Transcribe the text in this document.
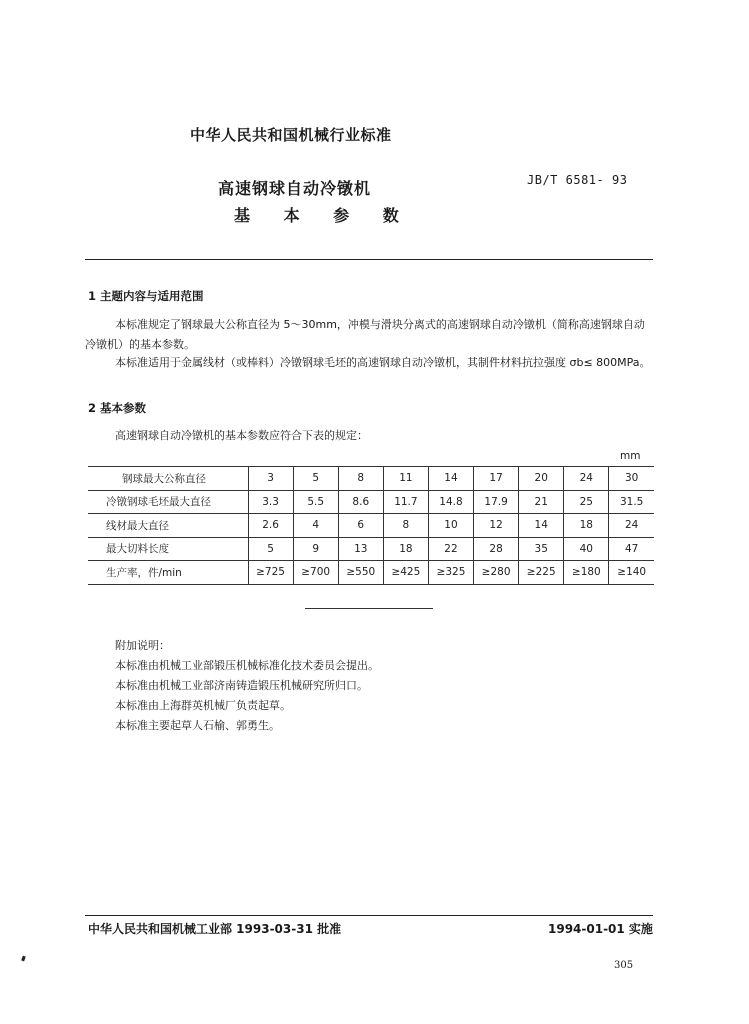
中华人民共和国机械行业标准
高速钢球自动冷镦机
基 本 参 数
JB/T 6581- 93
1 主题内容与适用范围
本标准规定了钢球最大公称直径为 5～30mm，冲模与滑块分离式的高速钢球自动冷镦机（简称高速钢球自动冷镦机）的基本参数。
本标准适用于金属线材（或棒料）冷镦钢球毛坯的高速钢球自动冷镦机，其制件材料抗拉强度 σb≤ 800MPa。
2 基本参数
高速钢球自动冷镦机的基本参数应符合下表的规定：
mm
钢球最大公称直径	3	5	8	11	14	17	20	24	30
冷镦钢球毛坯最大直径	3.3	5.5	8.6	11.7	14.8	17.9	21	25	31.5
线材最大直径	2.6	4	6	8	10	12	14	18	24
最大切料长度	5	9	13	18	22	28	35	40	47
生产率，件/min	≥725	≥700	≥550	≥425	≥325	≥280	≥225	≥180	≥140
附加说明：
本标准由机械工业部锻压机械标准化技术委员会提出。
本标准由机械工业部济南铸造锻压机械研究所归口。
本标准由上海群英机械厂负责起草。
本标准主要起草人石榆、郭勇生。
中华人民共和国机械工业部 1993-03-31 批准	1994-01-01 实施
305
